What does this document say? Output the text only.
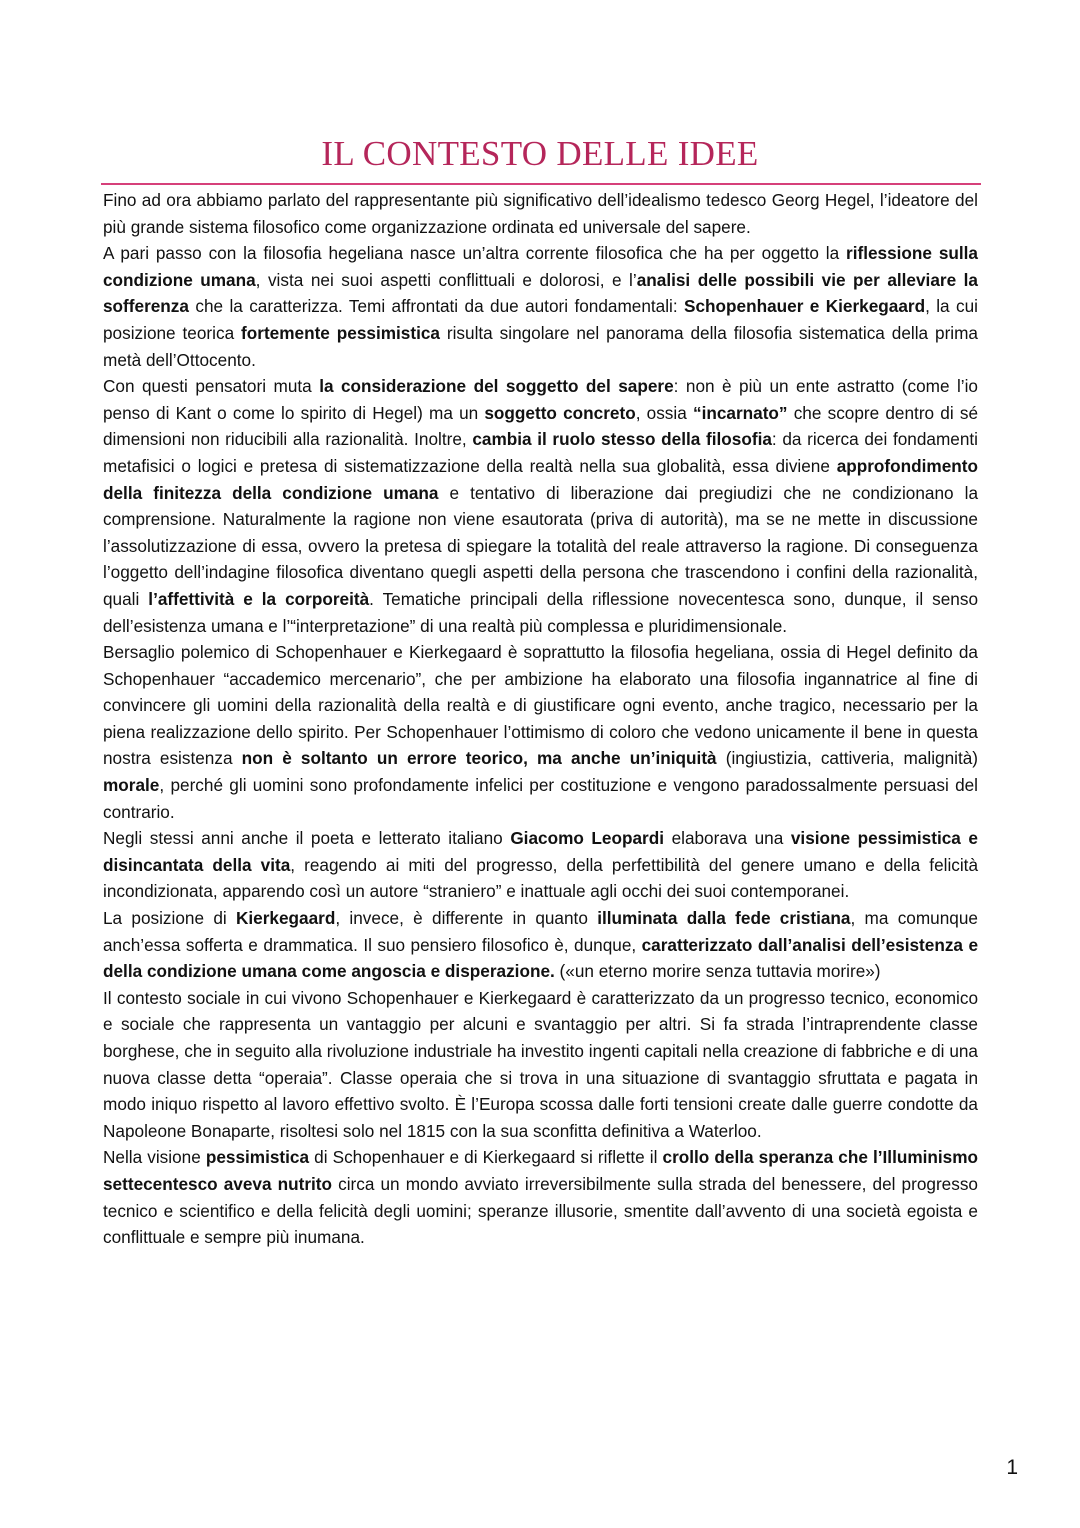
IL CONTESTO DELLE IDEE

Fino ad ora abbiamo parlato del rappresentante più significativo dell’idealismo tedesco Georg Hegel, l’ideatore del più grande sistema filosofico come organizzazione ordinata ed universale del sapere.

A pari passo con la filosofia hegeliana nasce un’altra corrente filosofica che ha per oggetto la riflessione sulla condizione umana, vista nei suoi aspetti conflittuali e dolorosi, e l’analisi delle possibili vie per alleviare la sofferenza che la caratterizza. Temi affrontati da due autori fondamentali: Schopenhauer e Kierkegaard, la cui posizione teorica fortemente pessimistica risulta singolare nel panorama della filosofia sistematica della prima metà dell’Ottocento.

Con questi pensatori muta la considerazione del soggetto del sapere: non è più un ente astratto (come l’io penso di Kant o come lo spirito di Hegel) ma un soggetto concreto, ossia “incarnato” che scopre dentro di sé dimensioni non riducibili alla razionalità. Inoltre, cambia il ruolo stesso della filosofia: da ricerca dei fondamenti metafisici o logici e pretesa di sistematizzazione della realtà nella sua globalità, essa diviene approfondimento della finitezza della condizione umana e tentativo di liberazione dai pregiudizi che ne condizionano la comprensione. Naturalmente la ragione non viene esautorata (priva di autorità), ma se ne mette in discussione l’assolutizzazione di essa, ovvero la pretesa di spiegare la totalità del reale attraverso la ragione. Di conseguenza l’oggetto dell’indagine filosofica diventano quegli aspetti della persona che trascendono i confini della razionalità, quali l’affettività e la corporeità. Tematiche principali della riflessione novecentesca sono, dunque, il senso dell’esistenza umana e l’“interpretazione” di una realtà più complessa e pluridimensionale.

Bersaglio polemico di Schopenhauer e Kierkegaard è soprattutto la filosofia hegeliana, ossia di Hegel definito da Schopenhauer “accademico mercenario”, che per ambizione ha elaborato una filosofia ingannatrice al fine di convincere gli uomini della razionalità della realtà e di giustificare ogni evento, anche tragico, necessario per la piena realizzazione dello spirito. Per Schopenhauer l’ottimismo di coloro che vedono unicamente il bene in questa nostra esistenza non è soltanto un errore teorico, ma anche un’iniquità (ingiustizia, cattiveria, malignità) morale, perché gli uomini sono profondamente infelici per costituzione e vengono paradossalmente persuasi del contrario.

Negli stessi anni anche il poeta e letterato italiano Giacomo Leopardi elaborava una visione pessimistica e disincantata della vita, reagendo ai miti del progresso, della perfettibilità del genere umano e della felicità incondizionata, apparendo così un autore “straniero” e inattuale agli occhi dei suoi contemporanei.

La posizione di Kierkegaard, invece, è differente in quanto illuminata dalla fede cristiana, ma comunque anch’essa sofferta e drammatica. Il suo pensiero filosofico è, dunque, caratterizzato dall’analisi dell’esistenza e della condizione umana come angoscia e disperazione. («un eterno morire senza tuttavia morire»)

Il contesto sociale in cui vivono Schopenhauer e Kierkegaard è caratterizzato da un progresso tecnico, economico e sociale che rappresenta un vantaggio per alcuni e svantaggio per altri. Si fa strada l’intraprendente classe borghese, che in seguito alla rivoluzione industriale ha investito ingenti capitali nella creazione di fabbriche e di una nuova classe detta “operaia”. Classe operaia che si trova in una situazione di svantaggio sfruttata e pagata in modo iniquo rispetto al lavoro effettivo svolto. È l’Europa scossa dalle forti tensioni create dalle guerre condotte da Napoleone Bonaparte, risoltesi solo nel 1815 con la sua sconfitta definitiva a Waterloo.

Nella visione pessimistica di Schopenhauer e di Kierkegaard si riflette il crollo della speranza che l’Illuminismo settecentesco aveva nutrito circa un mondo avviato irreversibilmente sulla strada del benessere, del progresso tecnico e scientifico e della felicità degli uomini; speranze illusorie, smentite dall’avvento di una società egoista e conflittuale e sempre più inumana.

1
